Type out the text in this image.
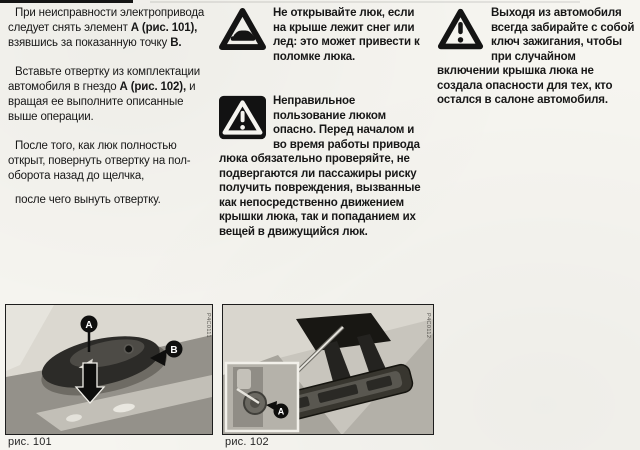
При неисправности электропривода следует снять элемент А (рис. 101), взявшись за показанную точку В.

Вставьте отвертку из комплектации автомобиля в гнездо А (рис. 102), и вращая ее выполните описанные выше операции.

После того, как люк полностью открыт, повернуть отвертку на пол-оборота назад до щелчка,

после чего вынуть отвертку.

Не открывайте люк, если на крыше лежит снег или лед: это может привести к поломке люка.
Неправильное пользование люком опасно. Перед началом и во время работы привода люка обязательно проверяйте, не подвергаются ли пассажиры риску получить повреждения, вызванные как непосредственно движением крышки люка, так и попаданием их вещей в движущийся люк.
Выходя из автомобиля всегда забирайте с собой ключ зажигания, чтобы при случайном включении крышка люка не создала опасности для тех, кто остался в салоне автомобиля.
A
B
P4C0111
рис. 101
A
P4C0112
рис. 102
